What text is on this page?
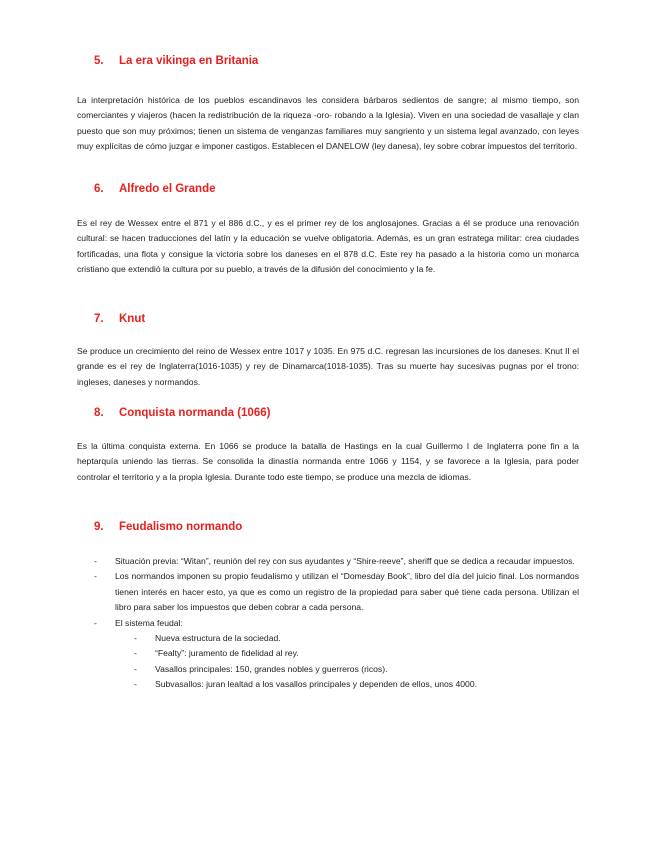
5. La era vikinga en Britania

La interpretación histórica de los pueblos escandinavos les considera bárbaros sedientos de sangre; al mismo tiempo, son comerciantes y viajeros (hacen la redistribución de la riqueza -oro- robando a la Iglesia). Viven en una sociedad de vasallaje y clan puesto que son muy próximos; tienen un sistema de venganzas familiares muy sangriento y un sistema legal avanzado, con leyes muy explícitas de cómo juzgar e imponer castigos. Establecen el DANELOW (ley danesa), ley sobre cobrar impuestos del territorio.

6. Alfredo el Grande

Es el rey de Wessex entre el 871 y el 886 d.C., y es el primer rey de los anglosajones. Gracias a él se produce una renovación cultural: se hacen traducciones del latín y la educación se vuelve obligatoria. Además, es un gran estratega militar: crea ciudades fortificadas, una flota y consigue la victoria sobre los daneses en el 878 d.C. Este rey ha pasado a la historia como un monarca cristiano que extendió la cultura por su pueblo, a través de la difusión del conocimiento y la fe.

7. Knut

Se produce un crecimiento del reino de Wessex entre 1017 y 1035. En 975 d.C. regresan las incursiones de los daneses. Knut II el grande es el rey de Inglaterra(1016-1035) y rey de Dinamarca(1018-1035). Tras su muerte hay sucesivas pugnas por el trono: ingleses, daneses y normandos.

8. Conquista normanda (1066)

Es la última conquista externa. En 1066 se produce la batalla de Hastings en la cual Guillermo I de Inglaterra pone fin a la heptarquía uniendo las tierras. Se consolida la dinastía normanda entre 1066 y 1154, y se favorece a la Iglesia, para poder controlar el territorio y a la propia Iglesia. Durante todo este tiempo, se produce una mezcla de idiomas.

9. Feudalismo normando
- Situación previa: “Witan”, reunión del rey con sus ayudantes y “Shire-reeve”, sheriff que se dedica a recaudar impuestos.
- Los normandos imponen su propio feudalismo y utilizan el “Domesday Book”, libro del día del juicio final. Los normandos tienen interés en hacer esto, ya que es como un registro de la propiedad para saber qué tiene cada persona. Utilizan el libro para saber los impuestos que deben cobrar a cada persona.
- El sistema feudal:
- Nueva estructura de la sociedad.
- “Fealty”: juramento de fidelidad al rey.
- Vasallos principales: 150, grandes nobles y guerreros (ricos).
- Subvasallos: juran lealtad a los vasallos principales y dependen de ellos, unos 4000.
